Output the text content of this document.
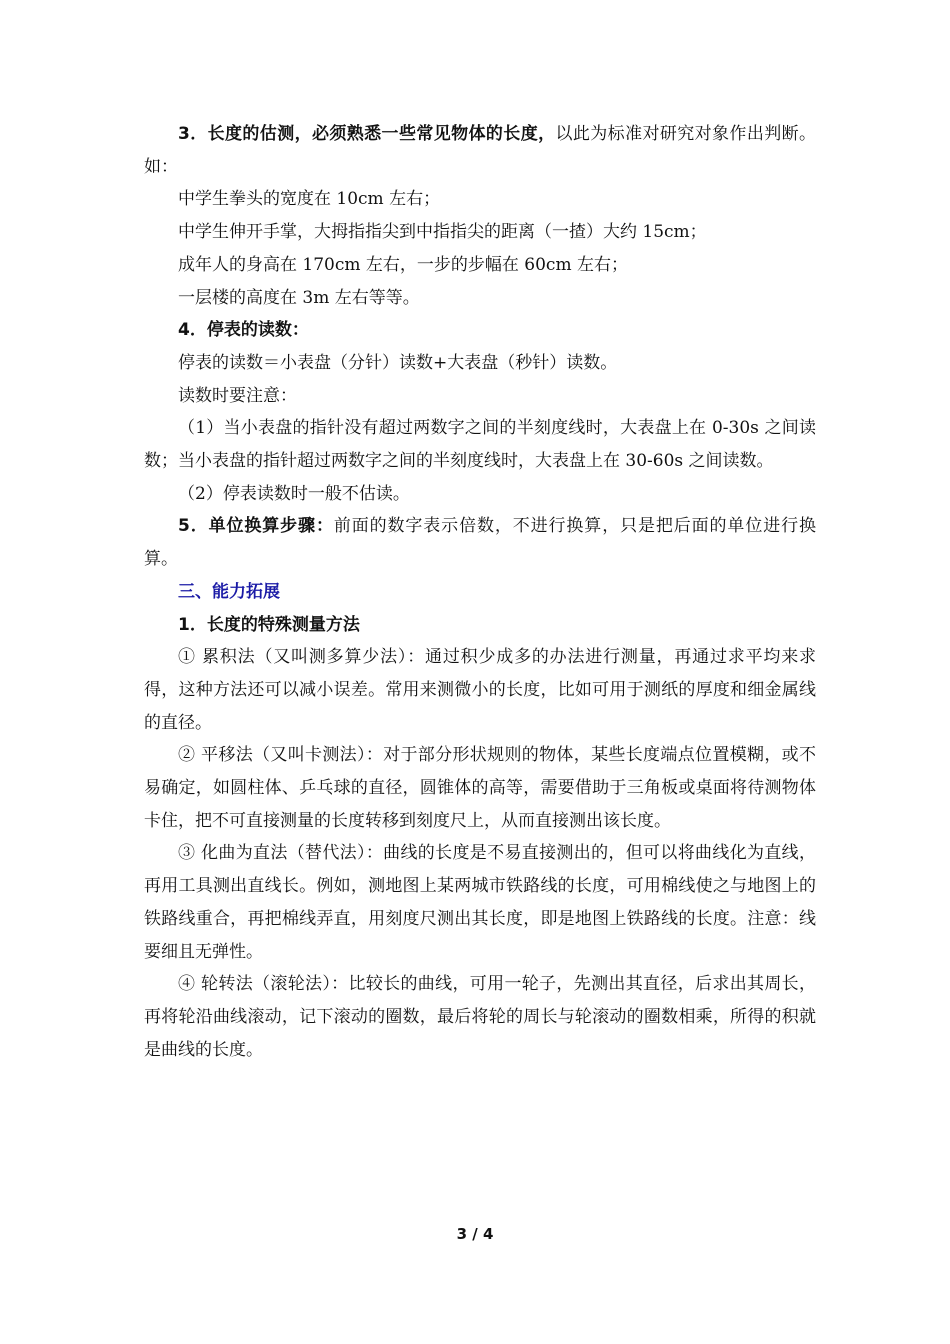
3．长度的估测，必须熟悉一些常见物体的长度，以此为标准对研究对象作出判断。如：

中学生拳头的宽度在 10cm 左右；

中学生伸开手掌，大拇指指尖到中指指尖的距离（一揸）大约 15cm；

成年人的身高在 170cm 左右，一步的步幅在 60cm 左右；

一层楼的高度在 3m 左右等等。

4．停表的读数：

停表的读数＝小表盘（分针）读数+大表盘（秒针）读数。

读数时要注意：

（1）当小表盘的指针没有超过两数字之间的半刻度线时，大表盘上在 0-30s 之间读数；当小表盘的指针超过两数字之间的半刻度线时，大表盘上在 30-60s 之间读数。

（2）停表读数时一般不估读。

5．单位换算步骤：前面的数字表示倍数，不进行换算，只是把后面的单位进行换算。

三、能力拓展

1．长度的特殊测量方法

① 累积法（又叫测多算少法）：通过积少成多的办法进行测量，再通过求平均来求得，这种方法还可以减小误差。常用来测微小的长度，比如可用于测纸的厚度和细金属线的直径。

② 平移法（又叫卡测法）：对于部分形状规则的物体，某些长度端点位置模糊，或不易确定，如圆柱体、乒乓球的直径，圆锥体的高等，需要借助于三角板或桌面将待测物体卡住，把不可直接测量的长度转移到刻度尺上，从而直接测出该长度。

③ 化曲为直法（替代法）：曲线的长度是不易直接测出的，但可以将曲线化为直线，再用工具测出直线长。例如，测地图上某两城市铁路线的长度，可用棉线使之与地图上的铁路线重合，再把棉线弄直，用刻度尺测出其长度，即是地图上铁路线的长度。注意：线要细且无弹性。

④ 轮转法（滚轮法）：比较长的曲线，可用一轮子，先测出其直径，后求出其周长，再将轮沿曲线滚动，记下滚动的圈数，最后将轮的周长与轮滚动的圈数相乘，所得的积就是曲线的长度。

3 / 4
